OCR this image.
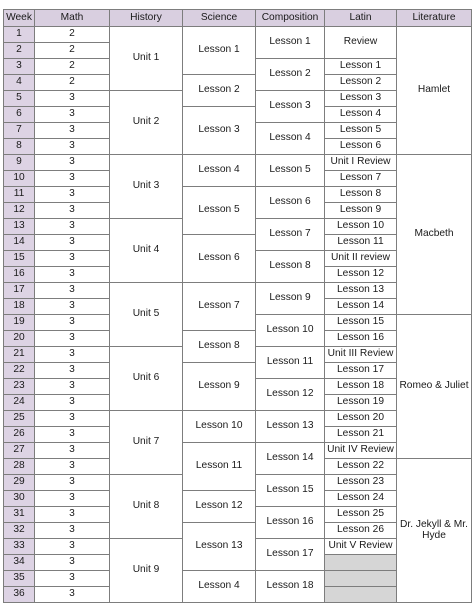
Week	Math	History	Science	Composition	Latin	Literature
1	2	Unit 1	Lesson 1	Lesson 1	Review	Hamlet
2	2					
3	2			Lesson 2	Lesson 1	
4	2		Lesson 2		Lesson 2	
5	3	Unit 2		Lesson 3	Lesson 3	
6	3		Lesson 3		Lesson 4	
7	3			Lesson 4	Lesson 5	
8	3				Lesson 6	
9	3	Unit 3	Lesson 4	Lesson 5	Unit I Review	Macbeth
10	3				Lesson 7	
11	3		Lesson 5	Lesson 6	Lesson 8	
12	3				Lesson 9	
13	3	Unit 4		Lesson 7	Lesson 10	
14	3		Lesson 6		Lesson 11	
15	3			Lesson 8	Unit II review	
16	3				Lesson 12	
17	3	Unit 5	Lesson 7	Lesson 9	Lesson 13	
18	3				Lesson 14	
19	3			Lesson 10	Lesson 15	Romeo & Juliet
20	3		Lesson 8		Lesson 16	
21	3	Unit 6		Lesson 11	Unit III Review	
22	3		Lesson 9		Lesson 17	
23	3			Lesson 12	Lesson 18	
24	3				Lesson 19	
25	3	Unit 7	Lesson 10	Lesson 13	Lesson 20	
26	3				Lesson 21	
27	3		Lesson 11	Lesson 14	Unit IV Review	
28	3				Lesson 22	Dr. Jekyll & Mr. Hyde
29	3	Unit 8		Lesson 15	Lesson 23	
30	3		Lesson 12		Lesson 24	
31	3			Lesson 16	Lesson 25	
32	3		Lesson 13		Lesson 26	
33	3	Unit 9		Lesson 17	Unit V Review	
34	3					
35	3		Lesson 4	Lesson 18		
36	3					
